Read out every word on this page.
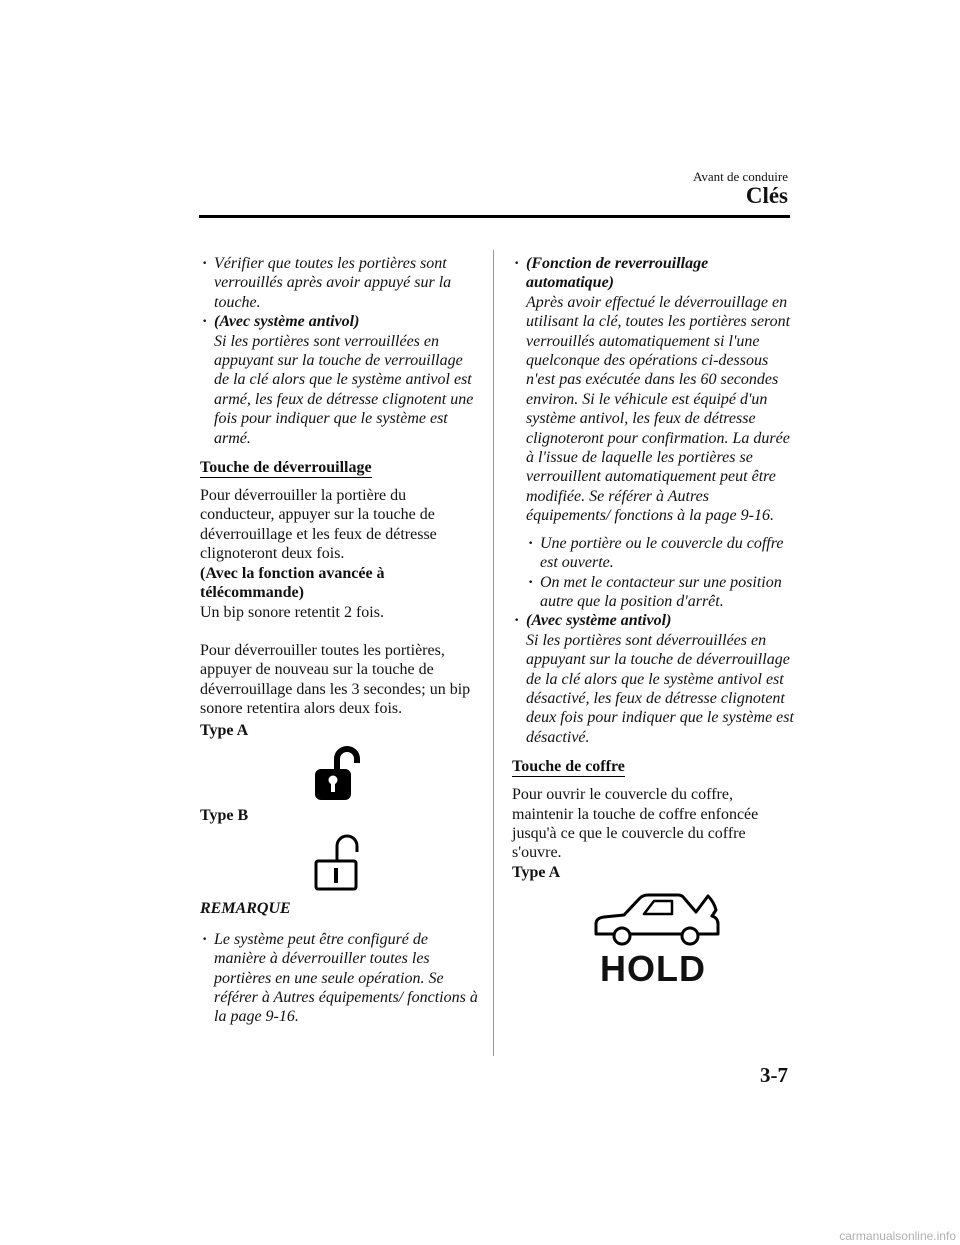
Avant de conduire
Clés
· Vérifier que toutes les portières sont verrouillés après avoir appuyé sur la touche.
· (Avec système antivol)
Si les portières sont verrouillées en appuyant sur la touche de verrouillage de la clé alors que le système antivol est armé, les feux de détresse clignotent une fois pour indiquer que le système est armé.
Touche de déverrouillage
Pour déverrouiller la portière du conducteur, appuyer sur la touche de déverrouillage et les feux de détresse clignoteront deux fois.
(Avec la fonction avancée à télécommande)
Un bip sonore retentit 2 fois.
Pour déverrouiller toutes les portières, appuyer de nouveau sur la touche de déverrouillage dans les 3 secondes; un bip sonore retentira alors deux fois.
Type A
Type B
REMARQUE
· Le système peut être configuré de manière à déverrouiller toutes les portières en une seule opération. Se référer à Autres équipements/ fonctions à la page 9-16.
· (Fonction de reverrouillage automatique)
Après avoir effectué le déverrouillage en utilisant la clé, toutes les portières seront verrouillés automatiquement si l'une quelconque des opérations ci-dessous n'est pas exécutée dans les 60 secondes environ. Si le véhicule est équipé d'un système antivol, les feux de détresse clignoteront pour confirmation. La durée à l'issue de laquelle les portières se verrouillent automatiquement peut être modifiée. Se référer à Autres équipements/ fonctions à la page 9-16.
· Une portière ou le couvercle du coffre est ouverte.
· On met le contacteur sur une position autre que la position d'arrêt.
· (Avec système antivol)
Si les portières sont déverrouillées en appuyant sur la touche de déverrouillage de la clé alors que le système antivol est désactivé, les feux de détresse clignotent deux fois pour indiquer que le système est désactivé.
Touche de coffre
Pour ouvrir le couvercle du coffre, maintenir la touche de coffre enfoncée jusqu'à ce que le couvercle du coffre s'ouvre.
Type A
HOLD
3-7
carmanualsonline.info
